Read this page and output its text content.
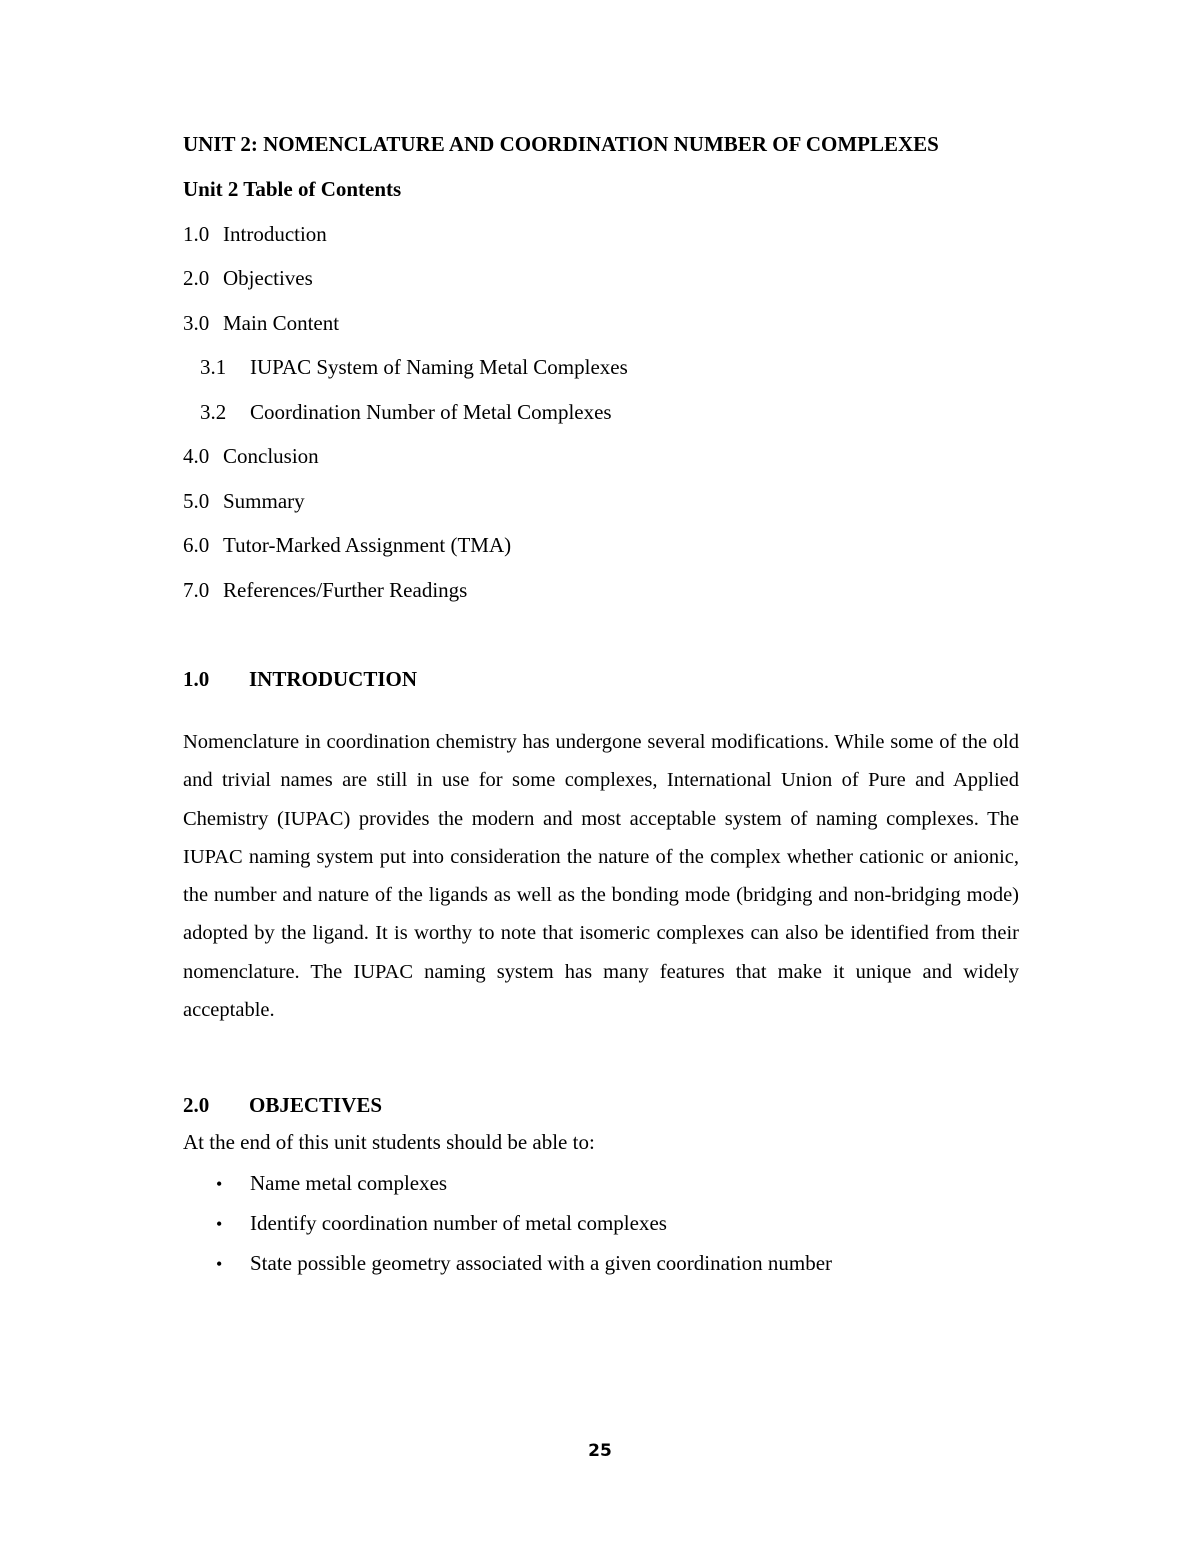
UNIT 2: NOMENCLATURE AND COORDINATION NUMBER OF COMPLEXES
Unit 2 Table of Contents
1.0 Introduction
2.0 Objectives
3.0 Main Content
3.1 IUPAC System of Naming Metal Complexes
3.2 Coordination Number of Metal Complexes
4.0 Conclusion
5.0 Summary
6.0 Tutor-Marked Assignment (TMA)
7.0 References/Further Readings
1.0 INTRODUCTION
Nomenclature in coordination chemistry has undergone several modifications. While some of the old and trivial names are still in use for some complexes, International Union of Pure and Applied Chemistry (IUPAC) provides the modern and most acceptable system of naming complexes. The IUPAC naming system put into consideration the nature of the complex whether cationic or anionic, the number and nature of the ligands as well as the bonding mode (bridging and non-bridging mode) adopted by the ligand. It is worthy to note that isomeric complexes can also be identified from their nomenclature. The IUPAC naming system has many features that make it unique and widely acceptable.
2.0 OBJECTIVES
At the end of this unit students should be able to:
• Name metal complexes
• Identify coordination number of metal complexes
• State possible geometry associated with a given coordination number
25
